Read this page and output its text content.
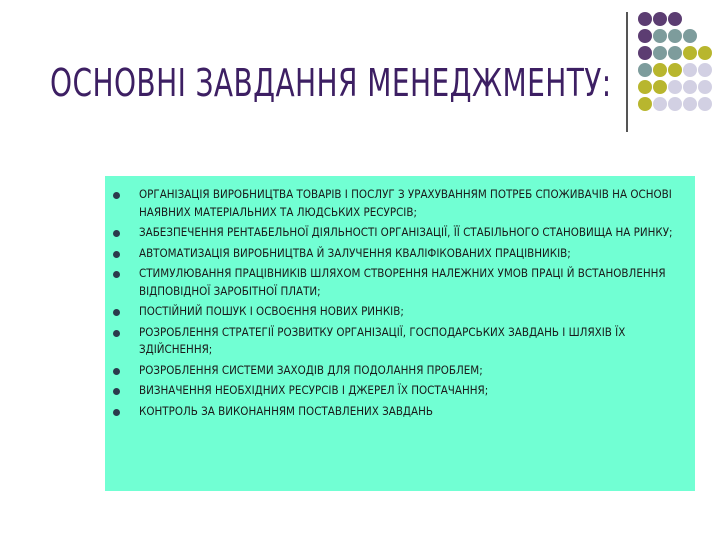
ОСНОВНІ ЗАВДАННЯ МЕНЕДЖМЕНТУ:
ОРГАНІЗАЦІЯ ВИРОБНИЦТВА ТОВАРІВ І ПОСЛУГ З УРАХУВАННЯМ ПОТРЕБ СПОЖИВАЧІВ НА ОСНОВІ НАЯВНИХ МАТЕРІАЛЬНИХ ТА ЛЮДСЬКИХ РЕСУРСІВ;
ЗАБЕЗПЕЧЕННЯ РЕНТАБЕЛЬНОЇ ДІЯЛЬНОСТІ ОРГАНІЗАЦІЇ, ЇЇ СТАБІЛЬНОГО СТАНОВИЩА НА РИНКУ;
АВТОМАТИЗАЦІЯ ВИРОБНИЦТВА Й ЗАЛУЧЕННЯ КВАЛІФІКОВАНИХ ПРАЦІВНИКІВ;
СТИМУЛЮВАННЯ ПРАЦІВНИКІВ ШЛЯХОМ СТВОРЕННЯ НАЛЕЖНИХ УМОВ ПРАЦІ Й ВСТАНОВЛЕННЯ ВІДПОВІДНОЇ ЗАРОБІТНОЇ ПЛАТИ;
ПОСТІЙНИЙ ПОШУК І ОСВОЄННЯ НОВИХ РИНКІВ;
РОЗРОБЛЕННЯ СТРАТЕГІЇ РОЗВИТКУ ОРГАНІЗАЦІЇ, ГОСПОДАРСЬКИХ ЗАВДАНЬ І ШЛЯХІВ ЇХ ЗДІЙСНЕННЯ;
РОЗРОБЛЕННЯ СИСТЕМИ ЗАХОДІВ ДЛЯ ПОДОЛАННЯ ПРОБЛЕМ;
ВИЗНАЧЕННЯ НЕОБХІДНИХ РЕСУРСІВ І ДЖЕРЕЛ ЇХ ПОСТАЧАННЯ;
КОНТРОЛЬ ЗА ВИКОНАННЯМ ПОСТАВЛЕНИХ ЗАВДАНЬ
